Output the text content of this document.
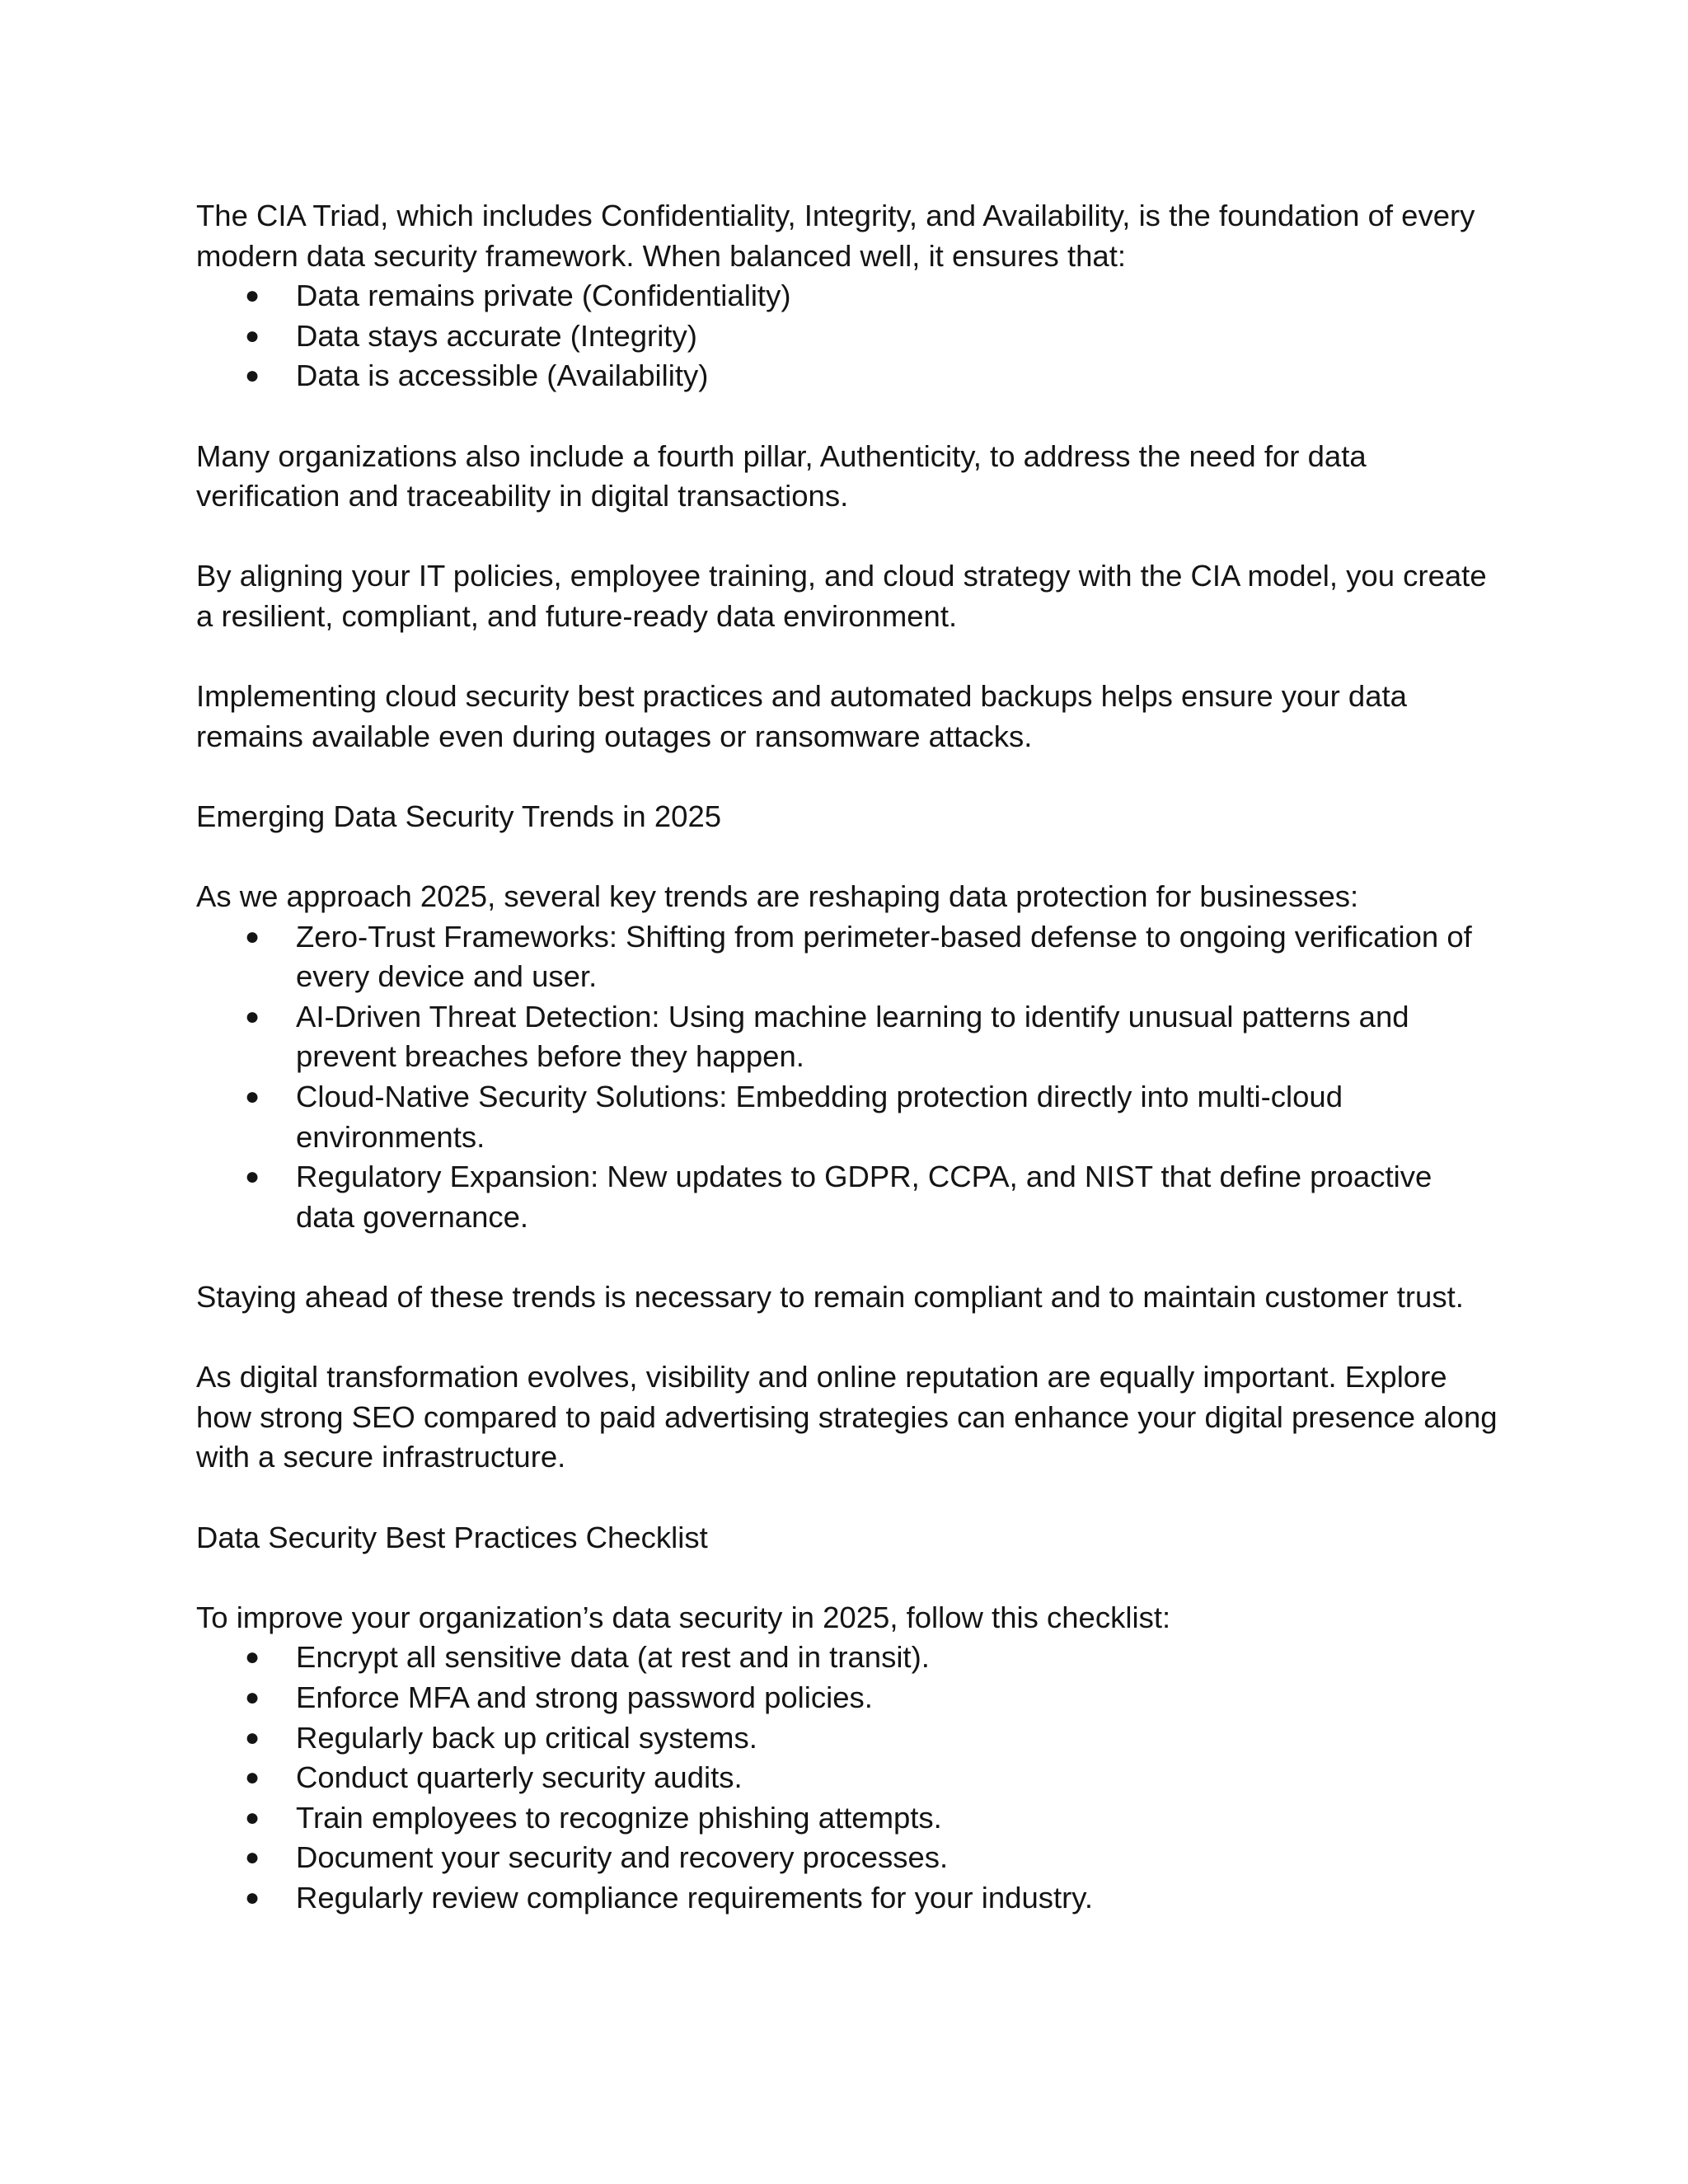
The CIA Triad, which includes Confidentiality, Integrity, and Availability, is the foundation of every modern data security framework. When balanced well, it ensures that:

● Data remains private (Confidentiality)
● Data stays accurate (Integrity)
● Data is accessible (Availability)

Many organizations also include a fourth pillar, Authenticity, to address the need for data verification and traceability in digital transactions.

By aligning your IT policies, employee training, and cloud strategy with the CIA model, you create a resilient, compliant, and future-ready data environment.

Implementing cloud security best practices and automated backups helps ensure your data remains available even during outages or ransomware attacks.

Emerging Data Security Trends in 2025

As we approach 2025, several key trends are reshaping data protection for businesses:

● Zero-Trust Frameworks: Shifting from perimeter-based defense to ongoing verification of every device and user.
● AI-Driven Threat Detection: Using machine learning to identify unusual patterns and prevent breaches before they happen.
● Cloud-Native Security Solutions: Embedding protection directly into multi-cloud environments.
● Regulatory Expansion: New updates to GDPR, CCPA, and NIST that define proactive data governance.

Staying ahead of these trends is necessary to remain compliant and to maintain customer trust.

As digital transformation evolves, visibility and online reputation are equally important. Explore how strong SEO compared to paid advertising strategies can enhance your digital presence along with a secure infrastructure.

Data Security Best Practices Checklist

To improve your organization’s data security in 2025, follow this checklist:

● Encrypt all sensitive data (at rest and in transit).
● Enforce MFA and strong password policies.
● Regularly back up critical systems.
● Conduct quarterly security audits.
● Train employees to recognize phishing attempts.
● Document your security and recovery processes.
● Regularly review compliance requirements for your industry.
